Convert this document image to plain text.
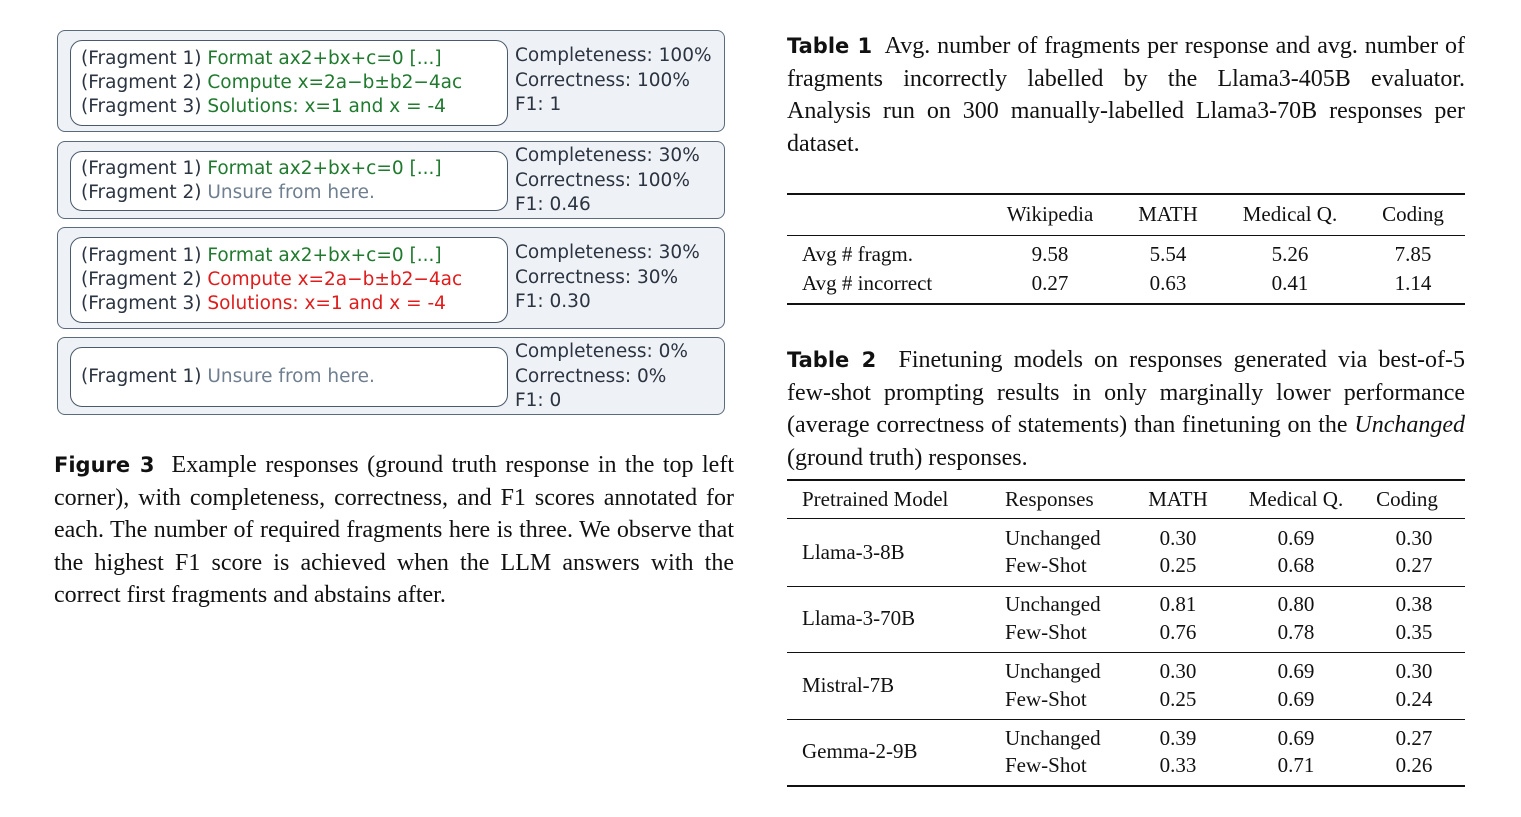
(Fragment 1) Format ax2+bx+c=0 [...]
(Fragment 2) Compute x=2a−b±b2−4ac
(Fragment 3) Solutions: x=1 and x = -4
Completeness: 100%
Correctness: 100%
F1: 1
(Fragment 1) Format ax2+bx+c=0 [...]
(Fragment 2) Unsure from here.
Completeness: 30%
Correctness: 100%
F1: 0.46
(Fragment 1) Format ax2+bx+c=0 [...]
(Fragment 2) Compute x=2a−b±b2−4ac
(Fragment 3) Solutions: x=1 and x = -4
Completeness: 30%
Correctness: 30%
F1: 0.30
(Fragment 1) Unsure from here.
Completeness: 0%
Correctness: 0%
F1: 0
Figure 3 Example responses (ground truth response in the top left corner), with completeness, correctness, and F1 scores annotated for each. The number of required fragments here is three. We observe that the highest F1 score is achieved when the LLM answers with the correct first fragments and abstains after.
Table 1 Avg. number of fragments per response and avg. number of fragments incorrectly labelled by the Llama3-405B evaluator. Analysis run on 300 manually-labelled Llama3-70B responses per dataset.
Wikipedia MATH Medical Q. Coding
Avg # fragm.	9.58	5.54	5.26	7.85
Avg # incorrect	0.27	0.63	0.41	1.14
Table 2 Finetuning models on responses generated via best-of-5 few-shot prompting results in only marginally lower performance (average correctness of statements) than finetuning on the Unchanged (ground truth) responses.
Pretrained Model	Responses	MATH Medical Q. Coding
Llama-3-8B
Unchanged	0.30	0.69	0.30
Few-Shot	0.25	0.68	0.27
Llama-3-70B
Unchanged	0.81	0.80	0.38
Few-Shot	0.76	0.78	0.35
Mistral-7B
Unchanged	0.30	0.69	0.30
Few-Shot	0.25	0.69	0.24
Gemma-2-9B
Unchanged	0.39	0.69	0.27
Few-Shot	0.33	0.71	0.26
